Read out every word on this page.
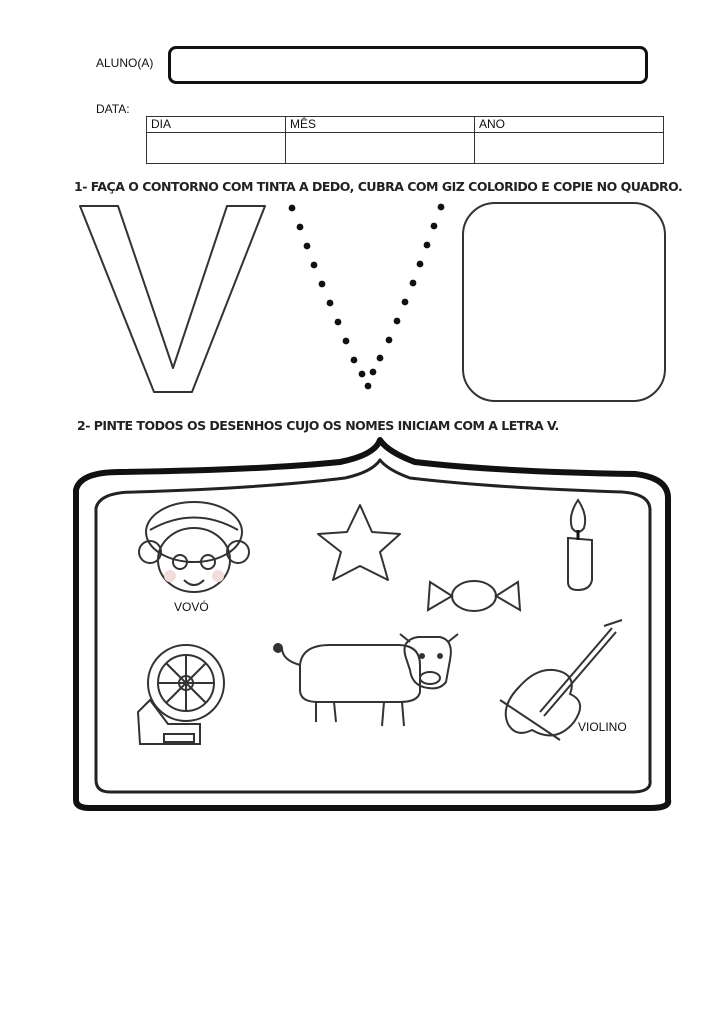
ALUNO(A)
DATA:
DIA	MÊS	ANO

1- FAÇA O CONTORNO COM TINTA A DEDO, CUBRA COM GIZ COLORIDO E COPIE NO QUADRO.
2- PINTE TODOS OS DESENHOS CUJO OS NOMES INICIAM COM A LETRA V.
VOVÓ
VIOLINO
